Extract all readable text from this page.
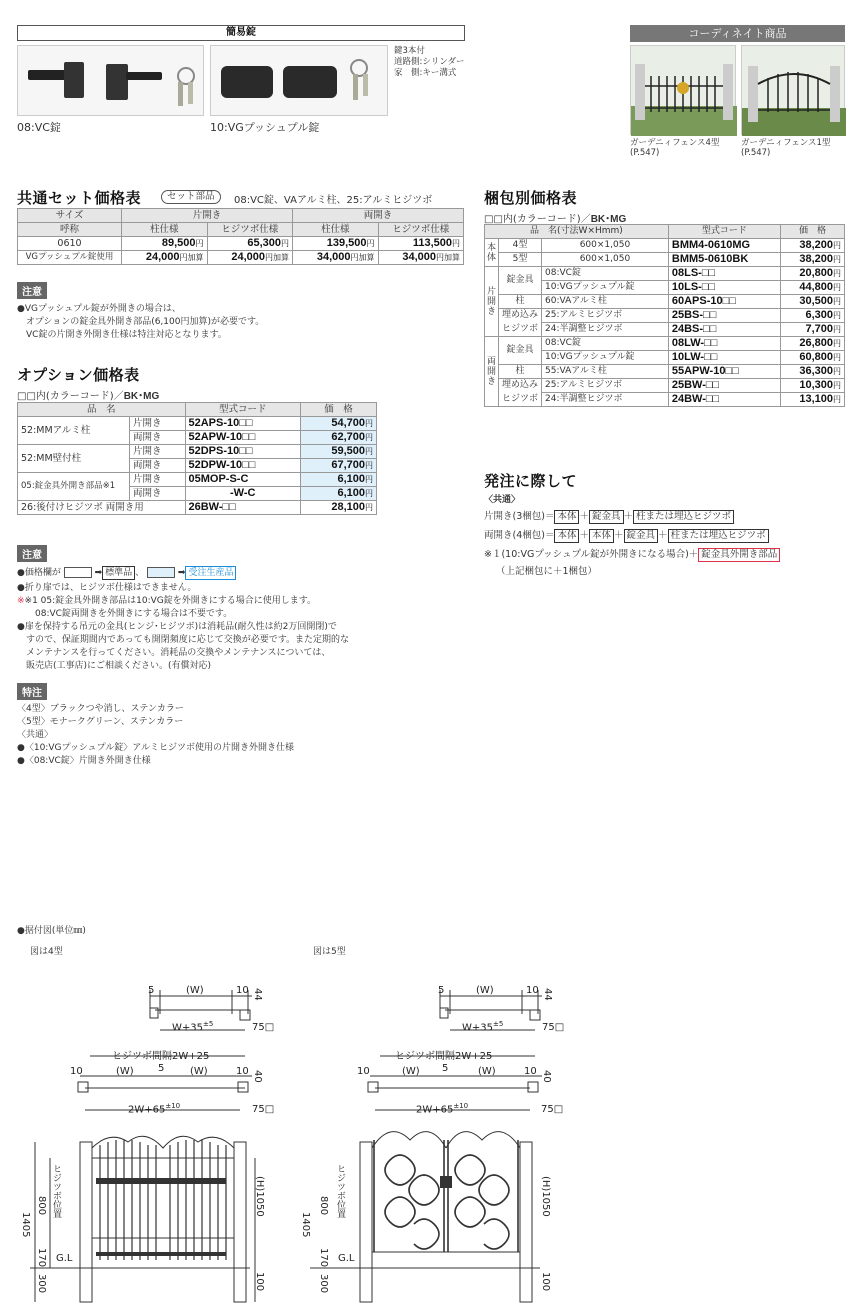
簡易錠
08:VC錠	10:VGプッシュプル錠
鍵3本付
道路側:シリンダー
家　側:キー溝式
コーディネイト商品
ガーデニィフェンス4型
(P.547)
ガーデニィフェンス1型
(P.547)
共通セット価格表	セット部品	08:VC錠、VAアルミ柱、25:アルミヒジツボ
サイズ	片開き		両開き	
呼称	柱仕様	ヒジツボ仕様	柱仕様	ヒジツボ仕様
0610	89,500円	65,300円	139,500円	113,500円
VGプッシュプル錠使用	24,000円加算	24,000円加算	34,000円加算	34,000円加算
注意
●VGプッシュプル錠が外開きの場合は、
　オプションの錠金具外開き部品(6,100円加算)が必要です。
　VC錠の片開き外開き仕様は特注対応となります。
オプション価格表
□□内(カラーコード)／BK･MG
品　名		型式コード	価　格
52:MMアルミ柱	片開き	52APS-10□□	54,700円
	両開き	52APW-10□□	62,700円
52:MM壁付柱	片開き	52DPS-10□□	59,500円
	両開き	52DPW-10□□	67,700円
05:錠金具外開き部品※1	片開き	05MOP-S-C	6,100円
	両開き	-W-C	6,100円
26:後付けヒジツボ 両開き用		26BW-□□	28,100円
注意
●価格欄が	➡ 標準品 、	➡ 受注生産品
●折り扉では、ヒジツボ仕様はできません。
※※1 05:錠金具外開き部品は10:VG錠を外開きにする場合に使用します。
　　08:VC錠両開きを外開きにする場合は不要です。
●扉を保持する吊元の金具(ヒンジ･ヒジツボ)は消耗品(耐久性は約2万回開閉)で
　すので、保証期間内であっても開閉頻度に応じて交換が必要です。また定期的な
　メンテナンスを行ってください。消耗品の交換やメンテナンスについては、
　販売店(工事店)にご相談ください。(有償対応)
特注
〈4型〉ブラックつや消し、ステンカラー
〈5型〉モナークグリーン、ステンカラー
〈共通〉
●〈10:VGプッシュプル錠〉アルミヒジツボ使用の片開き外開き仕様
●〈08:VC錠〉片開き外開き仕様
梱包別価格表
□□内(カラーコード)／BK･MG
品　名(寸法W×Hmm)			型式コード	価　格
本体	4型	600×1,050	BMM4-0610MG	38,200円
	5型	600×1,050	BMM5-0610BK	38,200円
片開き	錠金具	08:VC錠	08LS-□□	20,800円
		10:VGプッシュプル錠	10LS-□□	44,800円
	柱	60:VAアルミ柱	60APS-10□□	30,500円
	埋め込み	25:アルミヒジツボ	25BS-□□	6,300円
	ヒジツボ	24:半調整ヒジツボ	24BS-□□	7,700円
両開き	錠金具	08:VC錠	08LW-□□	26,800円
		10:VGプッシュプル錠	10LW-□□	60,800円
	柱	55:VAアルミ柱	55APW-10□□	36,300円
	埋め込み	25:アルミヒジツボ	25BW-□□	10,300円
	ヒジツボ	24:半調整ヒジツボ	24BW-□□	13,100円
発注に際して
〈共通〉
片開き(3梱包)＝ 本体 ＋ 錠金具 ＋ 柱または埋込ヒジツボ
両開き(4梱包)＝ 本体 ＋ 本体 ＋ 錠金具 ＋ 柱または埋込ヒジツボ
※１(10:VGプッシュプル錠が外開きになる場合)＋ 錠金具外開き部品
（上記梱包に＋1梱包）
●据付図(単位㎜)
図は4型	図は5型
5	(W)	10 44
$W+35^{\pm 5}$	75□
ヒジツボ間隔2W+25
10	(W) 5	(W)	10 40
$2W+65^{\pm 10}$	75□
(H)1050
1405
800 ヒジツボ位置
170 G.L
300	100
5	(W)	10 44
$W+35^{\pm 5}$	75□
ヒジツボ間隔2W+25
10	(W) 5	(W)	10 40
$2W+65^{\pm 10}$	75□
(H)1050
1405
800 ヒジツボ位置
170 G.L
300	100
